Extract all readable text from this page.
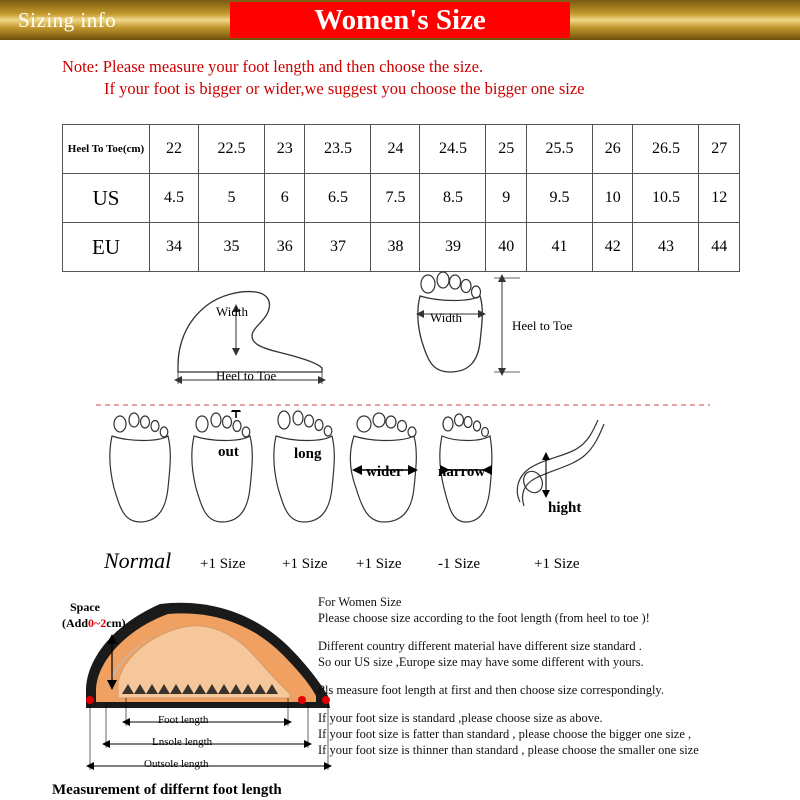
Sizing info	Women's Size
Note: Please measure your foot length and then choose the size.
If your foot is bigger or wider,we suggest you choose the bigger one size
Heel To Toe(cm)	22	22.5	23	23.5	24	24.5	25	25.5	26	26.5	27
US	4.5	5	6	6.5	7.5	8.5	9	9.5	10	10.5	12
EU	34	35	36	37	38	39	40	41	42	43	44
Width
Heel to Toe
Width
Heel to Toe
out	long
wider narrow
hight
Normal +1 Size +1 Size +1 Size -1 Size	+1 Size
Space
(Add0~2cm)
Foot length
Lnsole length
Outsole length
Measurement of differnt foot length

For Women Size
Please choose size according to the foot length (from heel to toe )!

Different country different material have different size standard .
So our US size ,Europe size may have some different with yours.

Pls measure foot length at first and then choose size correspondingly.

If your foot size is standard ,please choose size as above.
If your foot size is fatter than standard , please choose the bigger one size ,
If your foot size is thinner than standard , please choose the smaller one size
